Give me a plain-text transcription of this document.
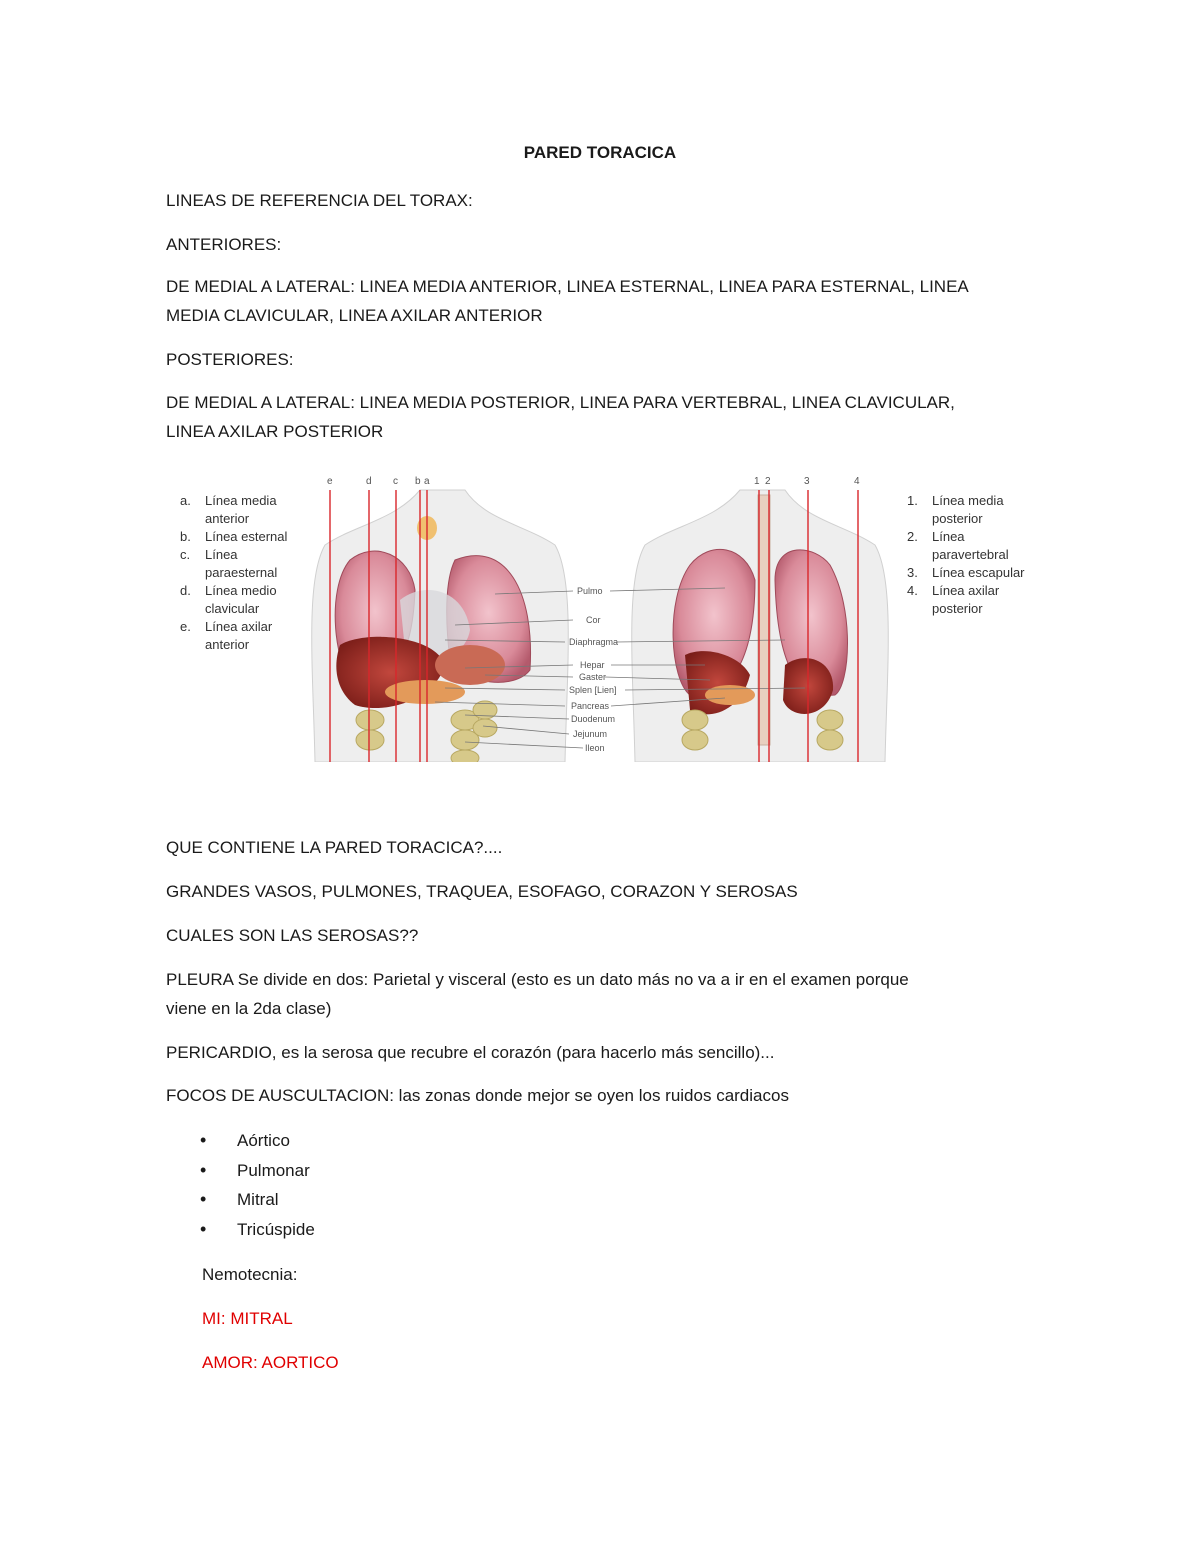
PARED TORACICA
LINEAS DE REFERENCIA DEL TORAX:
ANTERIORES:
DE MEDIAL A LATERAL: LINEA MEDIA ANTERIOR, LINEA ESTERNAL, LINEA PARA ESTERNAL, LINEA
MEDIA CLAVICULAR, LINEA AXILAR ANTERIOR
POSTERIORES:
DE MEDIAL A LATERAL: LINEA MEDIA POSTERIOR, LINEA PARA VERTEBRAL, LINEA CLAVICULAR,
LINEA AXILAR POSTERIOR
a. Línea media
anterior
b. Línea esternal
c. Línea
paraesternal
d. Línea medio
clavicular
e. Línea axilar
anterior
Pulmo
Cor
Diaphragma
Hepar
Gaster
Splen [Lien]
Pancreas
Duodenum
Jejunum
Ileon
e	d c b a	1 2	3	4
1. Línea media
posterior
2. Línea
paravertebral
3. Línea escapular
4. Línea axilar
posterior
QUE CONTIENE LA PARED TORACICA?....
GRANDES VASOS, PULMONES, TRAQUEA, ESOFAGO, CORAZON Y SEROSAS
CUALES SON LAS SEROSAS??
PLEURA Se divide en dos: Parietal y visceral (esto es un dato más no va a ir en el examen porque
viene en la 2da clase)
PERICARDIO, es la serosa que recubre el corazón (para hacerlo más sencillo)...
FOCOS DE AUSCULTACION: las zonas donde mejor se oyen los ruidos cardiacos
• Aórtico
• Pulmonar
• Mitral
• Tricúspide
Nemotecnia:
MI: MITRAL
AMOR: AORTICO
